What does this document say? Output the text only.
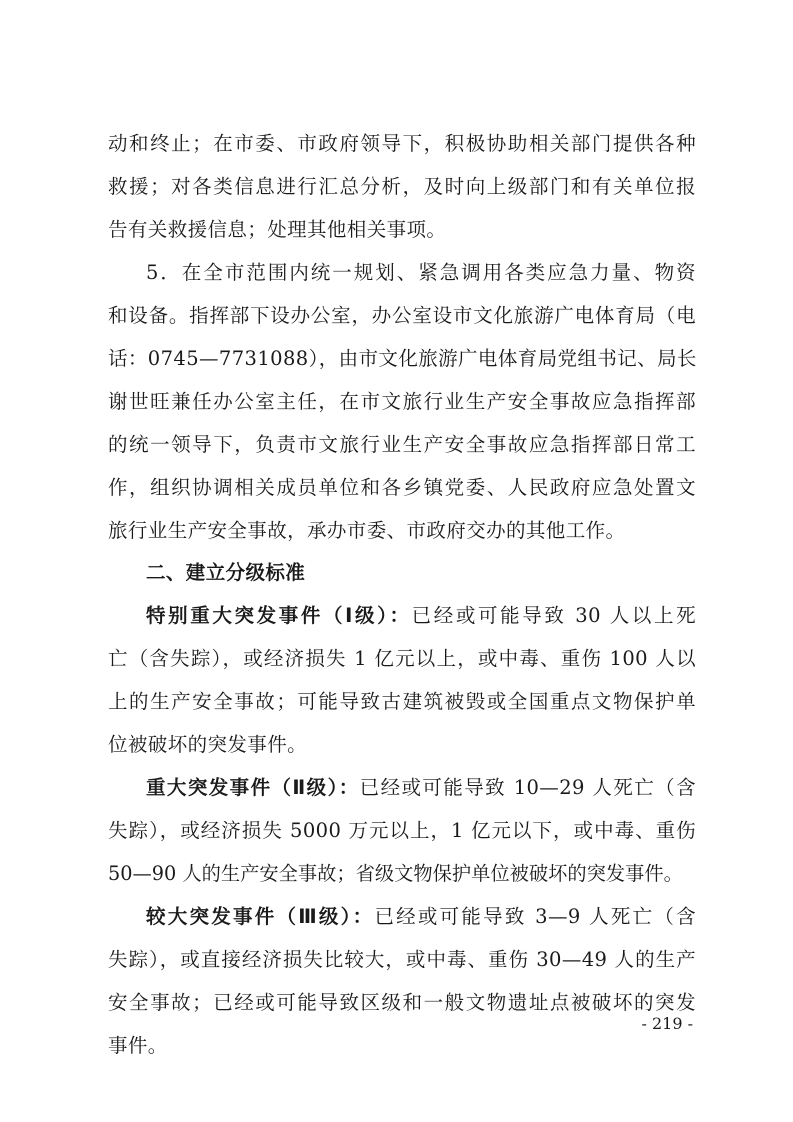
动和终止；在市委、市政府领导下，积极协助相关部门提供各种
救援；对各类信息进行汇总分析，及时向上级部门和有关单位报
告有关救援信息；处理其他相关事项。
5．在全市范围内统一规划、紧急调用各类应急力量、物资
和设备。指挥部下设办公室，办公室设市文化旅游广电体育局（电
话：0745—7731088），由市文化旅游广电体育局党组书记、局长
谢世旺兼任办公室主任，在市文旅行业生产安全事故应急指挥部
的统一领导下，负责市文旅行业生产安全事故应急指挥部日常工
作，组织协调相关成员单位和各乡镇党委、人民政府应急处置文
旅行业生产安全事故，承办市委、市政府交办的其他工作。
二、建立分级标准
特别重大突发事件（Ⅰ级）：已经或可能导致 30 人以上死
亡（含失踪），或经济损失 1 亿元以上，或中毒、重伤 100 人以
上的生产安全事故；可能导致古建筑被毁或全国重点文物保护单
位被破坏的突发事件。
重大突发事件（Ⅱ级）：已经或可能导致 10—29 人死亡（含
失踪），或经济损失 5000 万元以上，1 亿元以下，或中毒、重伤
50—90 人的生产安全事故；省级文物保护单位被破坏的突发事件。
较大突发事件（Ⅲ级）：已经或可能导致 3—9 人死亡（含
失踪），或直接经济损失比较大，或中毒、重伤 30—49 人的生产
安全事故；已经或可能导致区级和一般文物遗址点被破坏的突发
事件。
- 219 -
